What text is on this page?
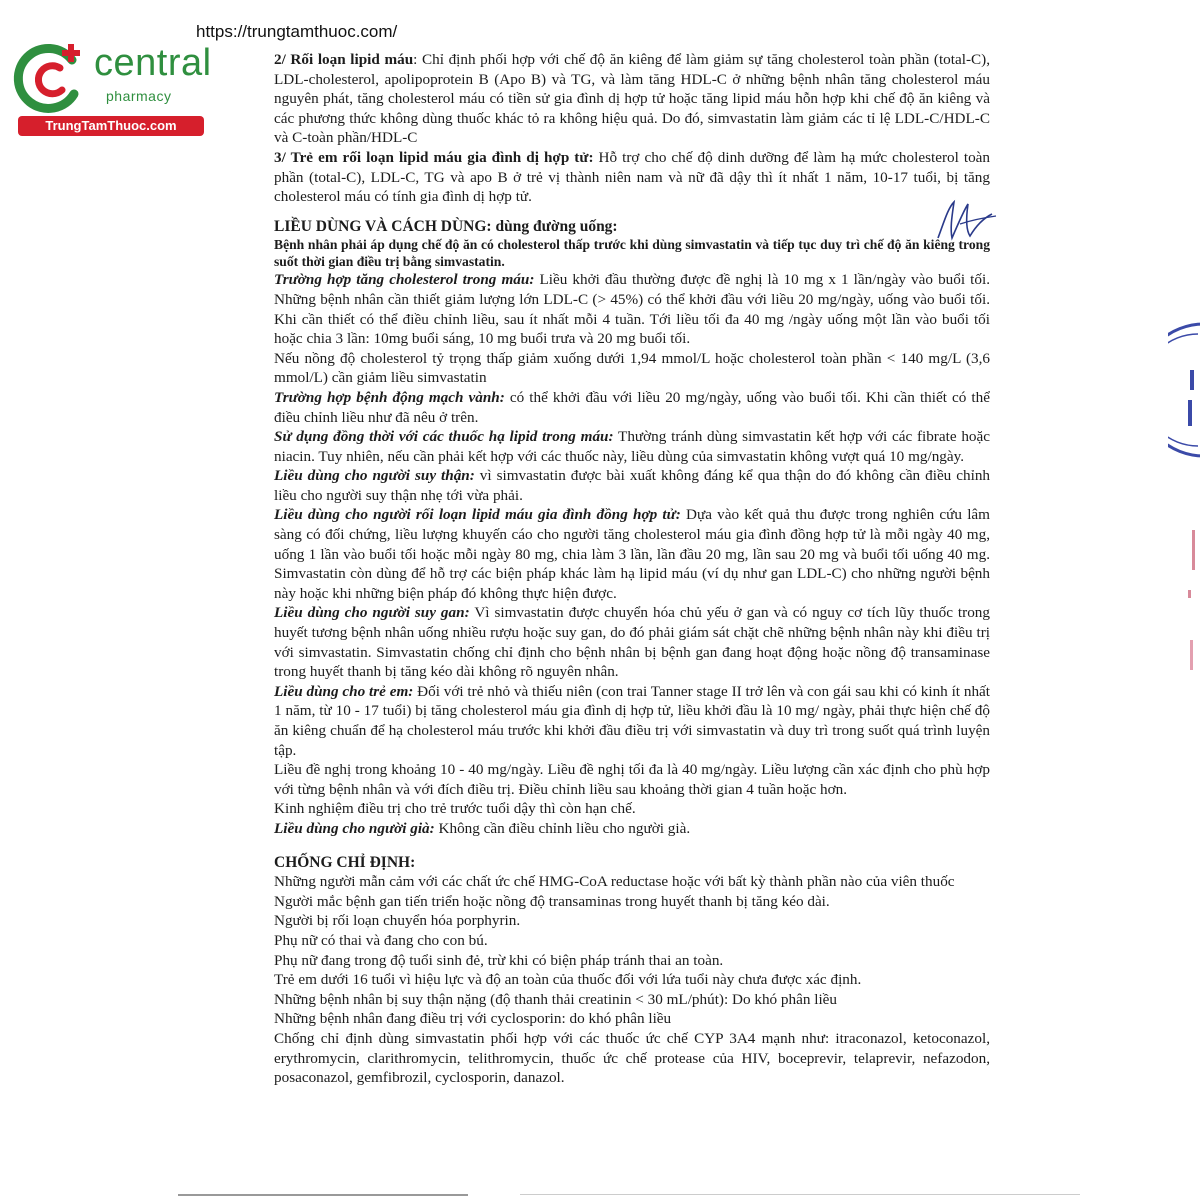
https://trungtamthuoc.com/
central
pharmacy
TrungTamThuoc.com

2/ Rối loạn lipid máu: Chỉ định phối hợp với chế độ ăn kiêng để làm giảm sự tăng cholesterol toàn phần (total-C), LDL-cholesterol, apolipoprotein B (Apo B) và TG, và làm tăng HDL-C ở những bệnh nhân tăng cholesterol máu nguyên phát, tăng cholesterol máu có tiền sử gia đình dị hợp tử hoặc tăng lipid máu hỗn hợp khi chế độ ăn kiêng và các phương thức không dùng thuốc khác tỏ ra không hiệu quả. Do đó, simvastatin làm giảm các tỉ lệ LDL-C/HDL-C và C-toàn phần/HDL-C

3/ Trẻ em rối loạn lipid máu gia đình dị hợp tử: Hỗ trợ cho chế độ dinh dưỡng để làm hạ mức cholesterol toàn phần (total-C), LDL-C, TG và apo B ở trẻ vị thành niên nam và nữ đã dậy thì ít nhất 1 năm, 10-17 tuổi, bị tăng cholesterol máu có tính gia đình dị hợp tử.

LIỀU DÙNG VÀ CÁCH DÙNG: dùng đường uống:

Bệnh nhân phải áp dụng chế độ ăn có cholesterol thấp trước khi dùng simvastatin và tiếp tục duy trì chế độ ăn kiêng trong suốt thời gian điều trị bằng simvastatin.

Trường hợp tăng cholesterol trong máu: Liều khởi đầu thường được đề nghị là 10 mg x 1 lần/ngày vào buổi tối. Những bệnh nhân cần thiết giảm lượng lớn LDL-C (> 45%) có thể khởi đầu với liều 20 mg/ngày, uống vào buổi tối. Khi cần thiết có thể điều chỉnh liều, sau ít nhất mỗi 4 tuần. Tới liều tối đa 40 mg /ngày uống một lần vào buổi tối hoặc chia 3 lần: 10mg buổi sáng, 10 mg buổi trưa và 20 mg buổi tối.

Nếu nồng độ cholesterol tỷ trọng thấp giảm xuống dưới 1,94 mmol/L hoặc cholesterol toàn phần < 140 mg/L (3,6 mmol/L) cần giảm liều simvastatin

Trường hợp bệnh động mạch vành: có thể khởi đầu với liều 20 mg/ngày, uống vào buổi tối. Khi cần thiết có thể điều chỉnh liều như đã nêu ở trên.

Sử dụng đồng thời với các thuốc hạ lipid trong máu: Thường tránh dùng simvastatin kết hợp với các fibrate hoặc niacin. Tuy nhiên, nếu cần phải kết hợp với các thuốc này, liều dùng của simvastatin không vượt quá 10 mg/ngày.

Liều dùng cho người suy thận: vì simvastatin được bài xuất không đáng kể qua thận do đó không cần điều chỉnh liều cho người suy thận nhẹ tới vừa phải.

Liều dùng cho người rối loạn lipid máu gia đình đồng hợp tử: Dựa vào kết quả thu được trong nghiên cứu lâm sàng có đối chứng, liều lượng khuyến cáo cho người tăng cholesterol máu gia đình đồng hợp tử là mỗi ngày 40 mg, uống 1 lần vào buổi tối hoặc mỗi ngày 80 mg, chia làm 3 lần, lần đầu 20 mg, lần sau 20 mg và buổi tối uống 40 mg. Simvastatin còn dùng để hỗ trợ các biện pháp khác làm hạ lipid máu (ví dụ như gan LDL-C) cho những người bệnh này hoặc khi những biện pháp đó không thực hiện được.

Liều dùng cho người suy gan: Vì simvastatin được chuyển hóa chủ yếu ở gan và có nguy cơ tích lũy thuốc trong huyết tương bệnh nhân uống nhiều rượu hoặc suy gan, do đó phải giám sát chặt chẽ những bệnh nhân này khi điều trị với simvastatin. Simvastatin chống chỉ định cho bệnh nhân bị bệnh gan đang hoạt động hoặc nồng độ transaminase trong huyết thanh bị tăng kéo dài không rõ nguyên nhân.

Liều dùng cho trẻ em: Đối với trẻ nhỏ và thiếu niên (con trai Tanner stage II trở lên và con gái sau khi có kinh ít nhất 1 năm, từ 10 - 17 tuổi) bị tăng cholesterol máu gia đình dị hợp tử, liều khởi đầu là 10 mg/ ngày, phải thực hiện chế độ ăn kiêng chuẩn để hạ cholesterol máu trước khi khởi đầu điều trị với simvastatin và duy trì trong suốt quá trình luyện tập.

Liều đề nghị trong khoảng 10 - 40 mg/ngày. Liều đề nghị tối đa là 40 mg/ngày. Liều lượng cần xác định cho phù hợp với từng bệnh nhân và với đích điều trị. Điều chỉnh liều sau khoảng thời gian 4 tuần hoặc hơn.

Kinh nghiệm điều trị cho trẻ trước tuổi dậy thì còn hạn chế.

Liều dùng cho người già: Không cần điều chỉnh liều cho người già.

CHỐNG CHỈ ĐỊNH:

Những người mẫn cảm với các chất ức chế HMG-CoA reductase hoặc với bất kỳ thành phần nào của viên thuốc

Người mắc bệnh gan tiến triển hoặc nồng độ transaminas trong huyết thanh bị tăng kéo dài.

Người bị rối loạn chuyển hóa porphyrin.

Phụ nữ có thai và đang cho con bú.

Phụ nữ đang trong độ tuổi sinh đẻ, trừ khi có biện pháp tránh thai an toàn.

Trẻ em dưới 16 tuổi vì hiệu lực và độ an toàn của thuốc đối với lứa tuổi này chưa được xác định.

Những bệnh nhân bị suy thận nặng (độ thanh thải creatinin < 30 mL/phút): Do khó phân liều

Những bệnh nhân đang điều trị với cyclosporin: do khó phân liều

Chống chỉ định dùng simvastatin phối hợp với các thuốc ức chế CYP 3A4 mạnh như: itraconazol, ketoconazol, erythromycin, clarithromycin, telithromycin, thuốc ức chế protease của HIV, boceprevir, telaprevir, nefazodon, posaconazol, gemfibrozil, cyclosporin, danazol.
